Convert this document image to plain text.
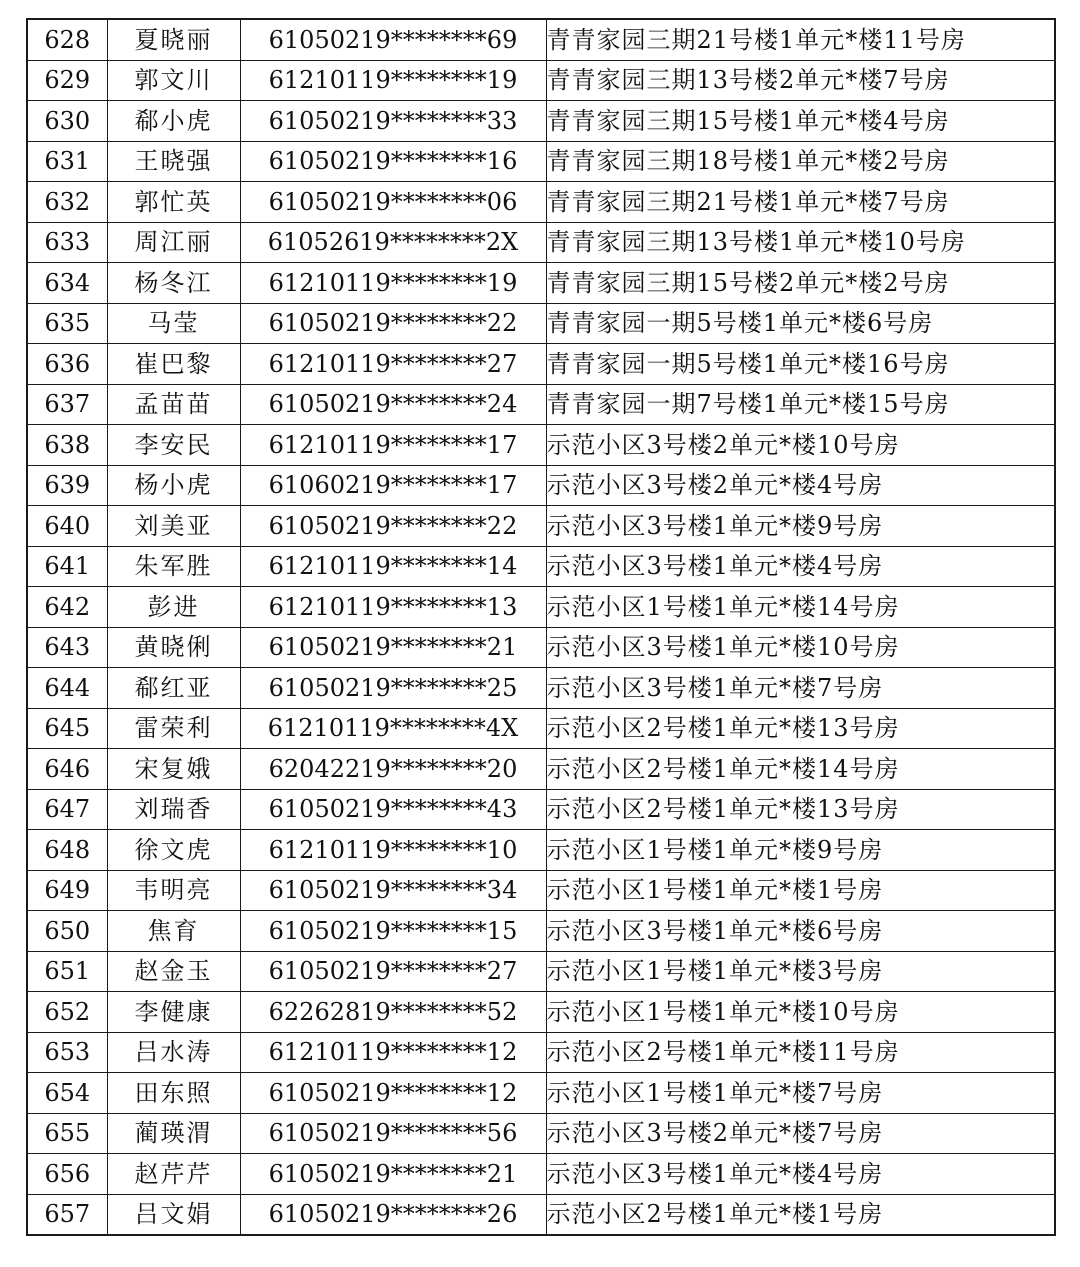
628	夏晓丽	61050219********69	青青家园三期21号楼1单元*楼11号房
629	郭文川	61210119********19	青青家园三期13号楼2单元*楼7号房
630	郗小虎	61050219********33	青青家园三期15号楼1单元*楼4号房
631	王晓强	61050219********16	青青家园三期18号楼1单元*楼2号房
632	郭忙英	61050219********06	青青家园三期21号楼1单元*楼7号房
633	周江丽	61052619********2X	青青家园三期13号楼1单元*楼10号房
634	杨冬江	61210119********19	青青家园三期15号楼2单元*楼2号房
635	马莹	61050219********22	青青家园一期5号楼1单元*楼6号房
636	崔巴黎	61210119********27	青青家园一期5号楼1单元*楼16号房
637	孟苗苗	61050219********24	青青家园一期7号楼1单元*楼15号房
638	李安民	61210119********17	示范小区3号楼2单元*楼10号房
639	杨小虎	61060219********17	示范小区3号楼2单元*楼4号房
640	刘美亚	61050219********22	示范小区3号楼1单元*楼9号房
641	朱军胜	61210119********14	示范小区3号楼1单元*楼4号房
642	彭进	61210119********13	示范小区1号楼1单元*楼14号房
643	黄晓俐	61050219********21	示范小区3号楼1单元*楼10号房
644	郗红亚	61050219********25	示范小区3号楼1单元*楼7号房
645	雷荣利	61210119********4X	示范小区2号楼1单元*楼13号房
646	宋复娥	62042219********20	示范小区2号楼1单元*楼14号房
647	刘瑞香	61050219********43	示范小区2号楼1单元*楼13号房
648	徐文虎	61210119********10	示范小区1号楼1单元*楼9号房
649	韦明亮	61050219********34	示范小区1号楼1单元*楼1号房
650	焦育	61050219********15	示范小区3号楼1单元*楼6号房
651	赵金玉	61050219********27	示范小区1号楼1单元*楼3号房
652	李健康	62262819********52	示范小区1号楼1单元*楼10号房
653	吕水涛	61210119********12	示范小区2号楼1单元*楼11号房
654	田东照	61050219********12	示范小区1号楼1单元*楼7号房
655	蔺瑛渭	61050219********56	示范小区3号楼2单元*楼7号房
656	赵芹芹	61050219********21	示范小区3号楼1单元*楼4号房
657	吕文娟	61050219********26	示范小区2号楼1单元*楼1号房
